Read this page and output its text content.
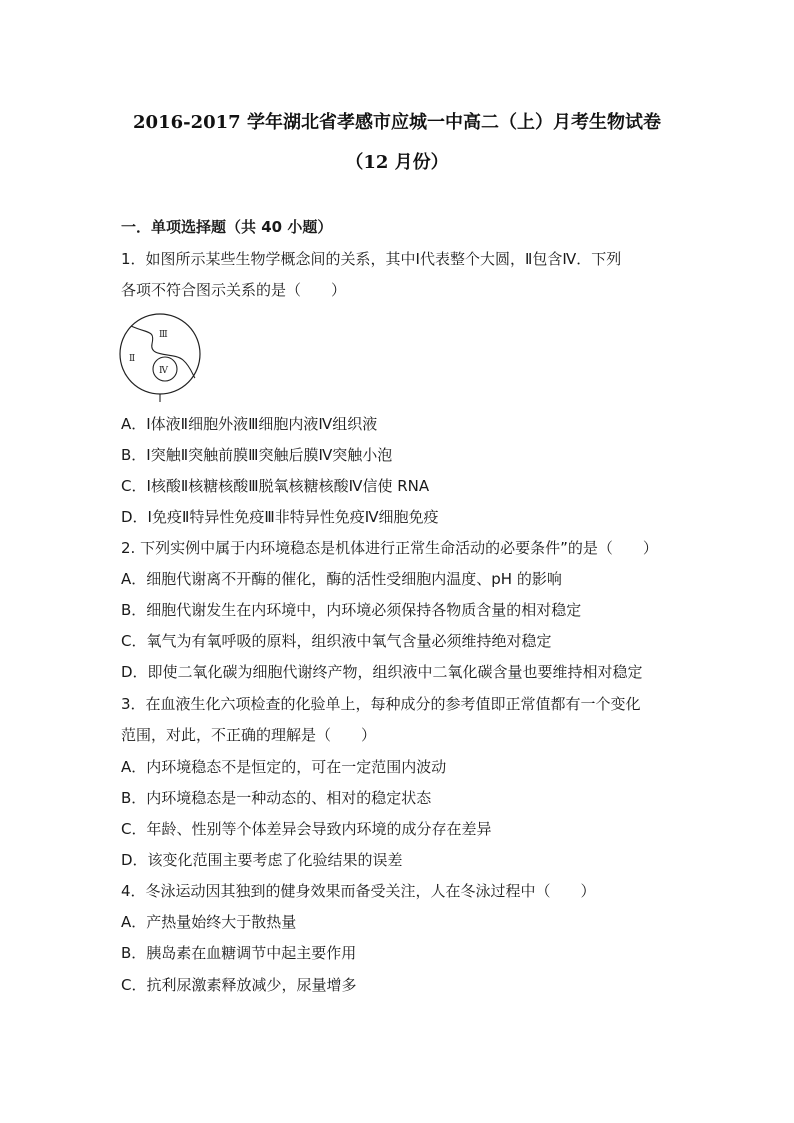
2016-2017 学年湖北省孝感市应城一中高二（上）月考生物试卷
（12 月份）
一．单项选择题（共 40 小题）
1．如图所示某些生物学概念间的关系，其中Ⅰ代表整个大圆，Ⅱ包含Ⅳ．下列
各项不符合图示关系的是（　　）
Ⅲ
Ⅱ
Ⅳ
A．Ⅰ体液Ⅱ细胞外液Ⅲ细胞内液Ⅳ组织液
B．Ⅰ突触Ⅱ突触前膜Ⅲ突触后膜Ⅳ突触小泡
C．Ⅰ核酸Ⅱ核糖核酸Ⅲ脱氧核糖核酸Ⅳ信使 RNA
D．Ⅰ免疫Ⅱ特异性免疫Ⅲ非特异性免疫Ⅳ细胞免疫
2. 下列实例中属于内环境稳态是机体进行正常生命活动的必要条件”的是（　　）
A．细胞代谢离不开酶的催化，酶的活性受细胞内温度、pH 的影响
B．细胞代谢发生在内环境中，内环境必须保持各物质含量的相对稳定
C．氧气为有氧呼吸的原料，组织液中氧气含量必须维持绝对稳定
D．即使二氧化碳为细胞代谢终产物，组织液中二氧化碳含量也要维持相对稳定
3．在血液生化六项检查的化验单上，每种成分的参考值即正常值都有一个变化
范围，对此，不正确的理解是（　　）
A．内环境稳态不是恒定的，可在一定范围内波动
B．内环境稳态是一种动态的、相对的稳定状态
C．年龄、性别等个体差异会导致内环境的成分存在差异
D．该变化范围主要考虑了化验结果的误差
4．冬泳运动因其独到的健身效果而备受关注，人在冬泳过程中（　　）
A．产热量始终大于散热量
B．胰岛素在血糖调节中起主要作用
C．抗利尿激素释放减少，尿量增多
